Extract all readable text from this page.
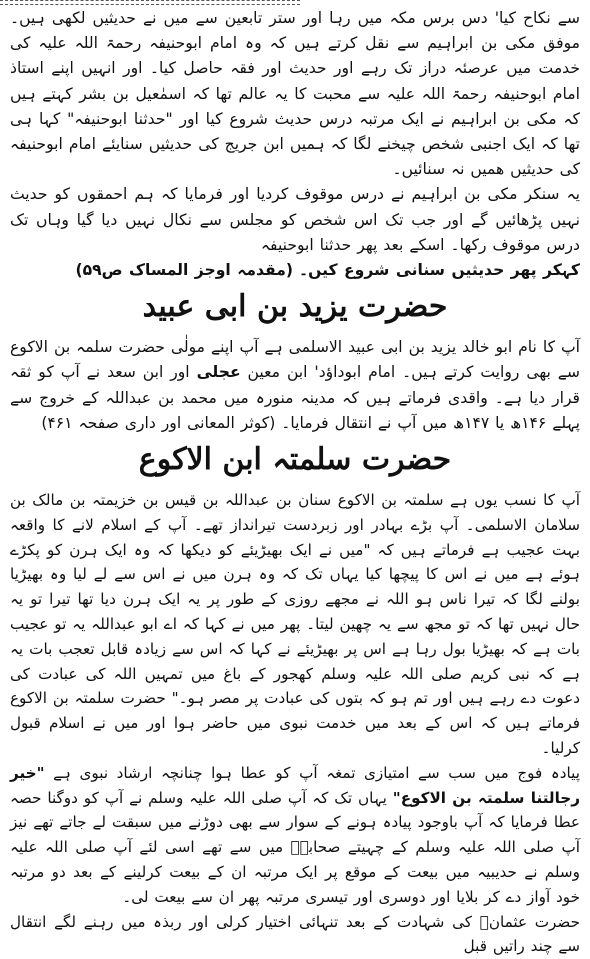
سے نکاح کیا' دس برس مکہ میں رہا اور ستر تابعین سے میں نے حدیثیں لکھی ہیں۔ موفق مکی بن ابراہیم سے نقل کرتے ہیں کہ وہ امام ابوحنیفہ رحمۃ اللہ علیہ کی خدمت میں عرصئہ دراز تک رہے اور حدیث اور فقہ حاصل کیا۔ اور انہیں اپنے استاذ امام ابوحنیفہ رحمۃ اللہ علیہ سے محبت کا یہ عالم تھا کہ اسمٰعیل بن بشر کہتے ہیں کہ مکی بن ابراہیم نے ایک مرتبہ درس حدیث شروع کیا اور "حدثنا ابوحنیفہ" کہا ہی تھا کہ ایک اجنبی شخص چیخنے لگا کہ ہمیں ابن جریج کی حدیثیں سنایئے امام ابوحنیفہ کی حدیثیں ھمیں نہ سنائیں۔

یہ سنکر مکی بن ابراہیم نے درس موقوف کردیا اور فرمایا کہ ہم احمقوں کو حدیث نہیں پڑھائیں گے اور جب تک اس شخص کو مجلس سے نکال نہیں دیا گیا وہاں تک درس موقوف رکھا۔ اسکے بعد پھر حدثنا ابوحنیفہ

کہکر پھر حدیثیں سنانی شروع کیں۔ (مقدمہ اوجز المساک ص۵۹)

حضرت یزید بن ابی عبید

آپ کا نام ابو خالد یزید بن ابی عبید الاسلمی ہے آپ اپنے مولٰی حضرت سلمہ بن الاکوع سے بھی روایت کرتے ہیں۔ امام ابوداؤد' ابن معین عجلی اور ابن سعد نے آپ کو ثقہ قرار دیا ہے۔ واقدی فرماتے ہیں کہ مدینہ منورہ میں محمد بن عبداللہ کے خروج سے پہلے ۱۴۶ھ یا ۱۴۷ھ میں آپ نے انتقال فرمایا۔ (کوثر المعانی اور داری صفحہ ۴۶۱)

حضرت سلمتہ ابن الاکوع

آپ کا نسب یوں ہے سلمتہ بن الاکوع سنان بن عبداللہ بن قیس بن خزیمتہ بن مالک بن سلامان الاسلمی۔ آپ بڑے بہادر اور زبردست تیرانداز تھے۔ آپ کے اسلام لانے کا واقعہ بہت عجیب ہے فرماتے ہیں کہ "میں نے ایک بھیڑیئے کو دیکھا کہ وہ ایک ہرن کو پکڑے ہوئے ہے میں نے اس کا پیچھا کیا یہاں تک کہ وہ ہرن میں نے اس سے لے لیا وہ بھیڑیا بولنے لگا کہ تیرا ناس ہو اللہ نے مجھے روزی کے طور پر یہ ایک ہرن دیا تھا تیرا تو یہ حال نہیں تھا کہ تو مجھ سے یہ چھین لیتا۔ پھر میں نے کہا کہ اے ابو عبداللہ یہ تو عجیب بات ہے کہ بھیڑیا بول رہا ہے اس پر بھیڑیئے نے کہا کہ اس سے زیادہ قابل تعجب بات یہ ہے کہ نبی کریم صلی اللہ علیہ وسلم کھجور کے باغ میں تمہیں اللہ کی عبادت کی دعوت دے رہے ہیں اور تم ہو کہ بتوں کی عبادت پر مصر ہو۔" حضرت سلمتہ بن الاکوع فرماتے ہیں کہ اس کے بعد میں خدمت نبوی میں حاضر ہوا اور میں نے اسلام قبول کرلیا۔

پیادہ فوج میں سب سے امتیازی تمغہ آپ کو عطا ہوا چنانچہ ارشاد نبوی ہے "خیر رجالتنا سلمتہ بن الاکوع" یہاں تک کہ آپ صلی اللہ علیہ وسلم نے آپ کو دوگنا حصہ عطا فرمایا کہ آپ باوجود پیادہ ہونے کے سوار سے بھی دوڑنے میں سبقت لے جاتے تھے نیز آپ صلی اللہ علیہ وسلم کے چہیتے صحابہؓ میں سے تھے اسی لئے آپ صلی اللہ علیہ وسلم نے حدیبیہ میں بیعت کے موقع پر ایک مرتبہ ان کے بیعت کرلینے کے بعد دو مرتبہ خود آواز دے کر بلایا اور دوسری اور تیسری مرتبہ پھر ان سے بیعت لی۔

حضرت عثمانؓ کی شہادت کے بعد تنہائی اختیار کرلی اور ربذہ میں رہنے لگے انتقال سے چند راتیں قبل
